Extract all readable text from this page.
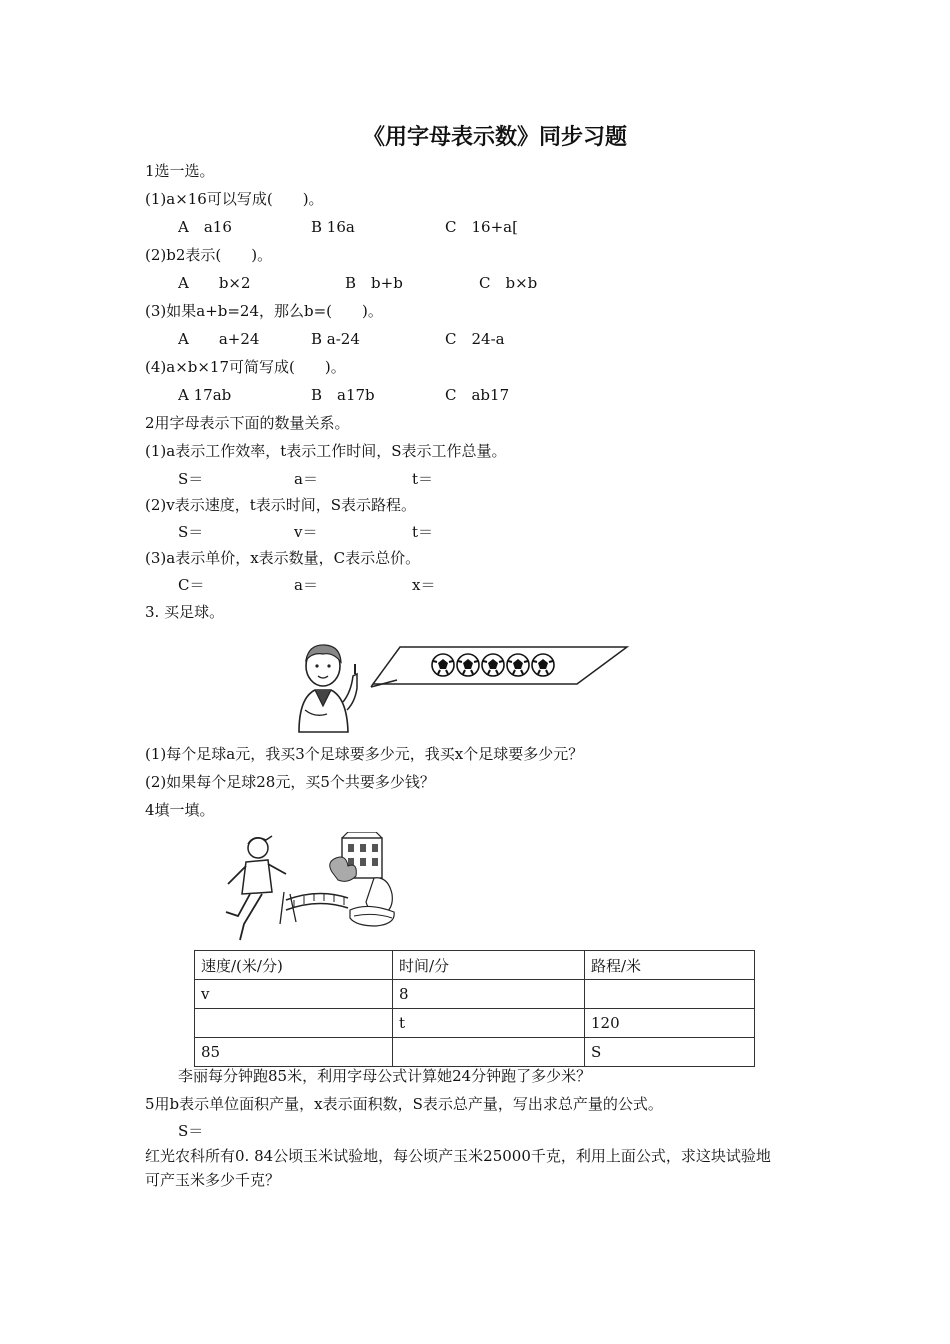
《用字母表示数》同步习题
1选一选。
(1)a×16可以写成(　　)。
A　a16	B 16a	C　16+a[
(2)b2表示(　　)。
A　　b×2	B　b+b	C　b×b
(3)如果a+b=24，那么b=(　　)。
A　　a+24	B a-24	C　24-a
(4)a×b×17可简写成(　　)。
A 17ab	B　a17b	C　ab17
2用字母表示下面的数量关系。
(1)a表示工作效率，t表示工作时间，S表示工作总量。
S＝	a＝	t＝
(2)v表示速度，t表示时间，S表示路程。
S＝	v＝	t＝
(3)a表示单价，x表示数量，C表示总价。
C＝	a＝	x＝
3. 买足球。
(1)每个足球a元，我买3个足球要多少元，我买x个足球要多少元？
(2)如果每个足球28元，买5个共要多少钱？
4填一填。
速度/(米/分)	时间/分	路程/米
v	8	
	t	120
85		S
李丽每分钟跑85米，利用字母公式计算她24分钟跑了多少米？
5用b表示单位面积产量，x表示面积数，S表示总产量，写出求总产量的公式。
S＝
红光农科所有0. 84公顷玉米试验地，每公顷产玉米25000千克，利用上面公式，求这块试验地
可产玉米多少千克？
